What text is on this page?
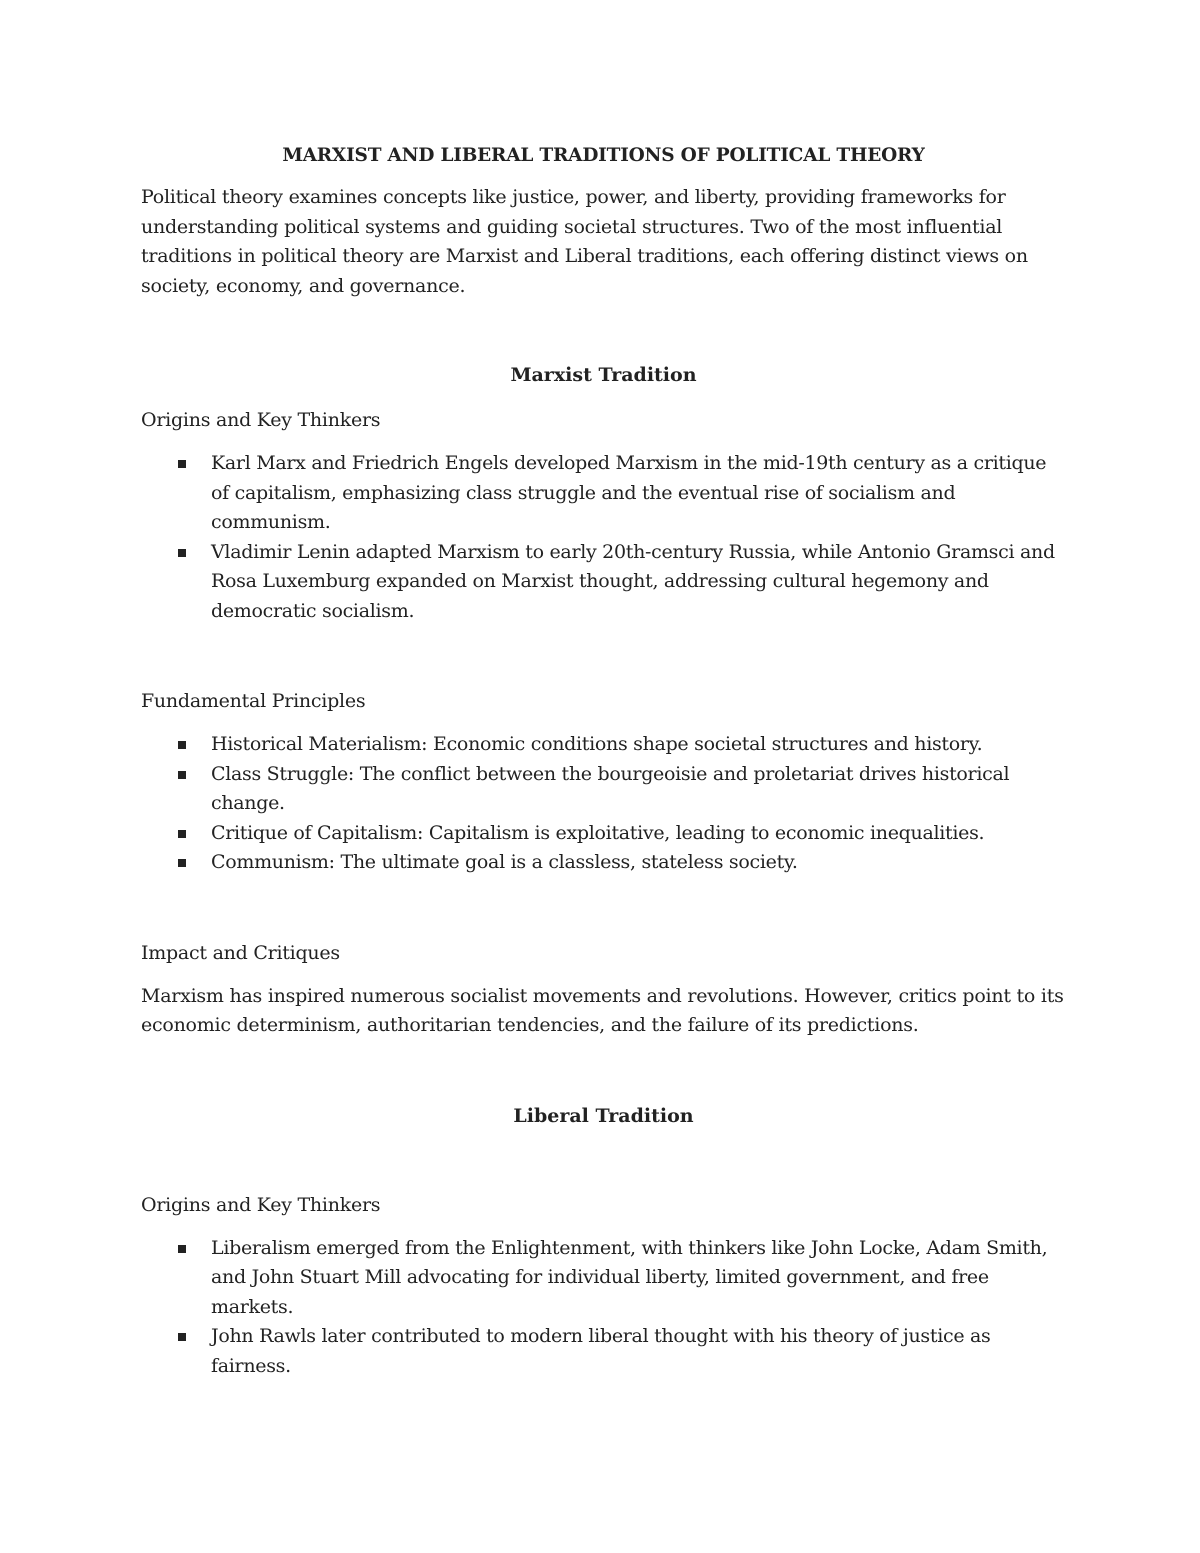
MARXIST AND LIBERAL TRADITIONS OF POLITICAL THEORY

Political theory examines concepts like justice, power, and liberty, providing frameworks for understanding political systems and guiding societal structures. Two of the most influential traditions in political theory are Marxist and Liberal traditions, each offering distinct views on society, economy, and governance.

Marxist Tradition
Origins and Key Thinkers
Karl Marx and Friedrich Engels developed Marxism in the mid-19th century as a critique of capitalism, emphasizing class struggle and the eventual rise of socialism and communism.
Vladimir Lenin adapted Marxism to early 20th-century Russia, while Antonio Gramsci and Rosa Luxemburg expanded on Marxist thought, addressing cultural hegemony and democratic socialism.
Fundamental Principles
Historical Materialism: Economic conditions shape societal structures and history.
Class Struggle: The conflict between the bourgeoisie and proletariat drives historical change.
Critique of Capitalism: Capitalism is exploitative, leading to economic inequalities.
Communism: The ultimate goal is a classless, stateless society.
Impact and Critiques

Marxism has inspired numerous socialist movements and revolutions. However, critics point to its economic determinism, authoritarian tendencies, and the failure of its predictions.

Liberal Tradition
Origins and Key Thinkers
Liberalism emerged from the Enlightenment, with thinkers like John Locke, Adam Smith, and John Stuart Mill advocating for individual liberty, limited government, and free markets.
John Rawls later contributed to modern liberal thought with his theory of justice as fairness.
